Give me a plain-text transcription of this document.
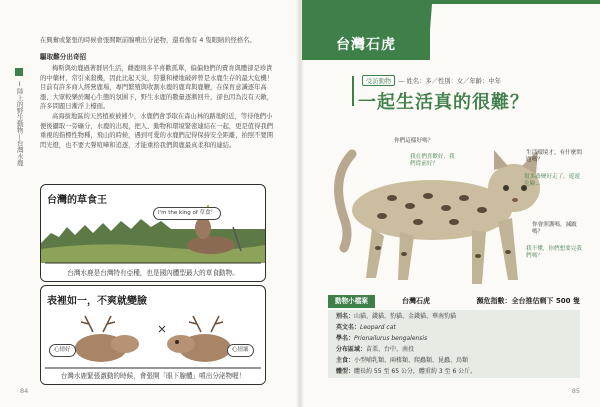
Ⅰ陸上的野生動物—台灣水鹿
在興奮或緊張的時候會張開眶前腺噴出分泌物，還看像有 4 隻眼睛的怪格名。
驅取難分出奇招
梅斯與幼鹿過著群居生活，雌鹿則多半喜歡孤單，偏偏他們的賣育與體卻是珍貴的中藥材，常引來殺機，因此比起天災，狩獵和棲地破碎曾是水鹿生存的最大危機！目前有許多商人經營鹿場，專門繁殖與收割水鹿的鹿茸與鹿鞭，在保育意識逐年高漲、大眾較樂於關心生態的氛圍下，野生水鹿的數量逐漸回升，卻也因為沒有天敵，許多問題日漸浮上檯面。
高海拔地區的天然植被被補少，水鹿們會爭取在森山林的路地附近，等待他們小便後攝取一旁礦分，水鹿的出現，把人、動物和環境緊密連結在一起，更是值得我們重視的指標性物種，飛山的時候，遇到可愛的水鹿們記得保持安全距離，拍照不要開閃光燈，也不要大聲喧嘩和追逐，才能重拾我們與鹿最真柔和的連結。
台灣的草食王
I'm the king of 草食！
台灣水鹿是台灣特有亞種，也是國內體型最大的草食動物。
表裡如一，不爽就變臉
心情好	心情壞
台灣水鹿緊張激動的時候，會張開「眼下腺體」噴出分泌物喔！
84
台灣石虎
受訪動物 — 姓名：多／性別：女／年齡：中年
一起生活真的很難？
你們這樣好嗎？
我在們喜歡好，我們從前好？
生活環境才，有什麼問題嗎？
很多路變好走了，遊遊危險...
你會照護嗎，減跛嗎？
我不懂，你們想要完我們嗎？
動物小檔案	台灣石虎	瀕危指數：全台推估剩下 500 隻
別名：山貓、錢貓、豹貓、金錢貓、華南豹貓
英文名：Leopard cat
學名：Prionailurus bengalensis
分布區域：苗栗、台中、南投
主食：小型哺乳類、兩棲類、爬蟲類、昆蟲、鳥類
體型：體長約 55 至 65 公分，體重約 3 至 6 公斤。
85
